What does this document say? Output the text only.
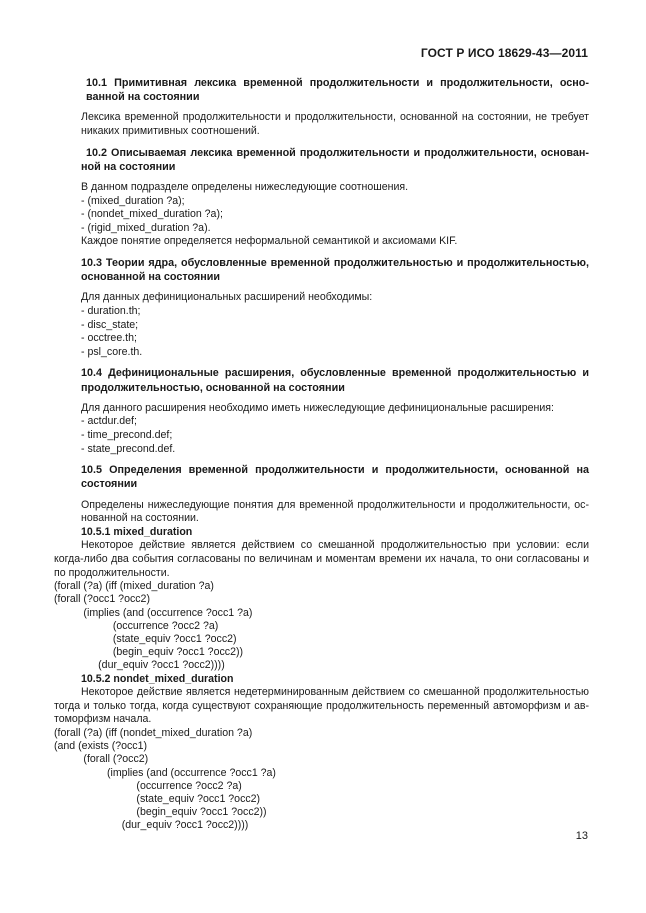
ГОСТ Р ИСО 18629-43—2011

10.1 Примитивная лексика временной продолжительности и продолжительности, осно-

ванной на состоянии

Лексика временной продолжительности и продолжительности, основанной на состоянии, не требует

никаких примитивных соотношений.

10.2 Описываемая лексика временной продолжительности и продолжительности, основан-

ной на состоянии

В данном подразделе определены нижеследующие соотношения.

- (mixed_duration ?a);

- (nondet_mixed_duration ?a);

- (rigid_mixed_duration ?a).

Каждое понятие определяется неформальной семантикой и аксиомами KIF.

10.3 Теории ядра, обусловленные временной продолжительностью и продолжительностью,

основанной на состоянии

Для данных дефинициональных расширений необходимы:

- duration.th;

- disc_state;

- occtree.th;

- psl_core.th.

10.4 Дефинициональные расширения, обусловленные временной продолжительностью и

продолжительностью, основанной на состоянии

Для данного расширения необходимо иметь нижеследующие дефинициональные расширения:

- actdur.def;

- time_precond.def;

- state_precond.def.

10.5 Определения временной продолжительности и продолжительности, основанной на

состоянии

Определены нижеследующие понятия для временной продолжительности и продолжительности, ос-

нованной на состоянии.

10.5.1 mixed_duration

Некоторое действие является действием со смешанной продолжительностью при условии: если

когда-либо два события согласованы по величинам и моментам времени их начала, то они согласованы и

по продолжительности.

(forall (?a) (iff (mixed_duration ?a)

(forall (?occ1 ?occ2)

(implies (and (occurrence ?occ1 ?a)

(occurrence ?occ2 ?a)

(state_equiv ?occ1 ?occ2)

(begin_equiv ?occ1 ?occ2))

(dur_equiv ?occ1 ?occ2))))

10.5.2 nondet_mixed_duration

Некоторое действие является недетерминированным действием со смешанной продолжительностью

тогда и только тогда, когда существуют сохраняющие продолжительность переменный автоморфизм и ав-

томорфизм начала.

(forall (?a) (iff (nondet_mixed_duration ?a)

(and (exists (?occ1)

(forall (?occ2)

(implies (and (occurrence ?occ1 ?a)

(occurrence ?occ2 ?a)

(state_equiv ?occ1 ?occ2)

(begin_equiv ?occ1 ?occ2))

(dur_equiv ?occ1 ?occ2))))

13
